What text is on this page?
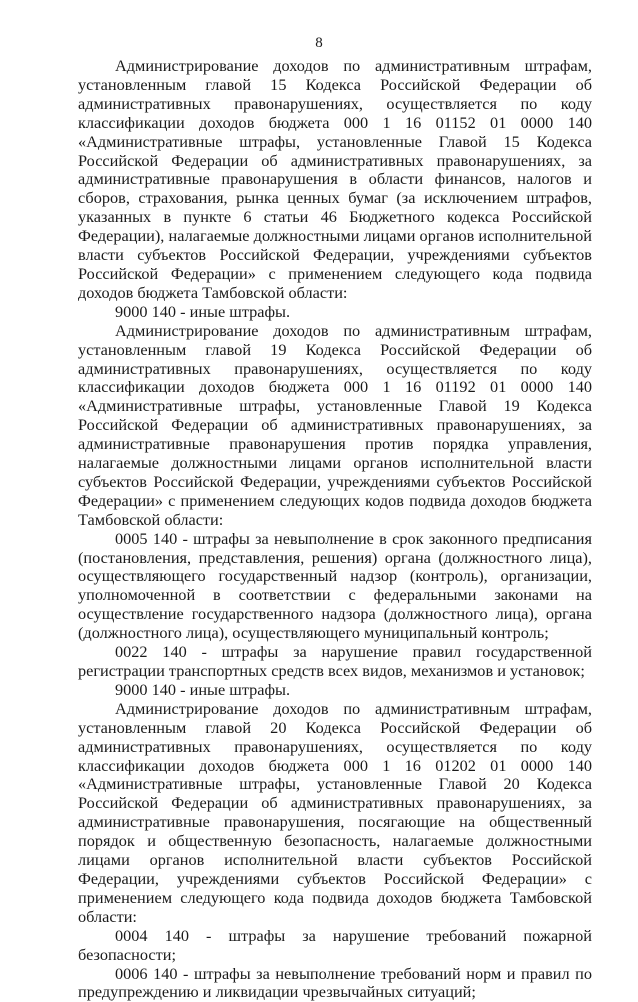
8

Администрирование доходов по административным штрафам, установленным главой 15 Кодекса Российской Федерации об административных правонарушениях, осуществляется по коду классификации доходов бюджета 000 1 16 01152 01 0000 140 «Административные штрафы, установленные Главой 15 Кодекса Российской Федерации об административных правонарушениях, за административные правонарушения в области финансов, налогов и сборов, страхования, рынка ценных бумаг (за исключением штрафов, указанных в пункте 6 статьи 46 Бюджетного кодекса Российской Федерации), налагаемые должностными лицами органов исполнительной власти субъектов Российской Федерации, учреждениями субъектов Российской Федерации» с применением следующего кода подвида доходов бюджета Тамбовской области:

9000 140 - иные штрафы.

Администрирование доходов по административным штрафам, установленным главой 19 Кодекса Российской Федерации об административных правонарушениях, осуществляется по коду классификации доходов бюджета 000 1 16 01192 01 0000 140 «Административные штрафы, установленные Главой 19 Кодекса Российской Федерации об административных правонарушениях, за административные правонарушения против порядка управления, налагаемые должностными лицами органов исполнительной власти субъектов Российской Федерации, учреждениями субъектов Российской Федерации» с применением следующих кодов подвида доходов бюджета Тамбовской области:

0005 140 - штрафы за невыполнение в срок законного предписания (постановления, представления, решения) органа (должностного лица), осуществляющего государственный надзор (контроль), организации, уполномоченной в соответствии с федеральными законами на осуществление государственного надзора (должностного лица), органа (должностного лица), осуществляющего муниципальный контроль;

0022 140 - штрафы за нарушение правил государственной регистрации транспортных средств всех видов, механизмов и установок;

9000 140 - иные штрафы.

Администрирование доходов по административным штрафам, установленным главой 20 Кодекса Российской Федерации об административных правонарушениях, осуществляется по коду классификации доходов бюджета 000 1 16 01202 01 0000 140 «Административные штрафы, установленные Главой 20 Кодекса Российской Федерации об административных правонарушениях, за административные правонарушения, посягающие на общественный порядок и общественную безопасность, налагаемые должностными лицами органов исполнительной власти субъектов Российской Федерации, учреждениями субъектов Российской Федерации» с применением следующего кода подвида доходов бюджета Тамбовской области:

0004 140 - штрафы за нарушение требований пожарной безопасности;

0006 140 - штрафы за невыполнение требований норм и правил по предупреждению и ликвидации чрезвычайных ситуаций;
